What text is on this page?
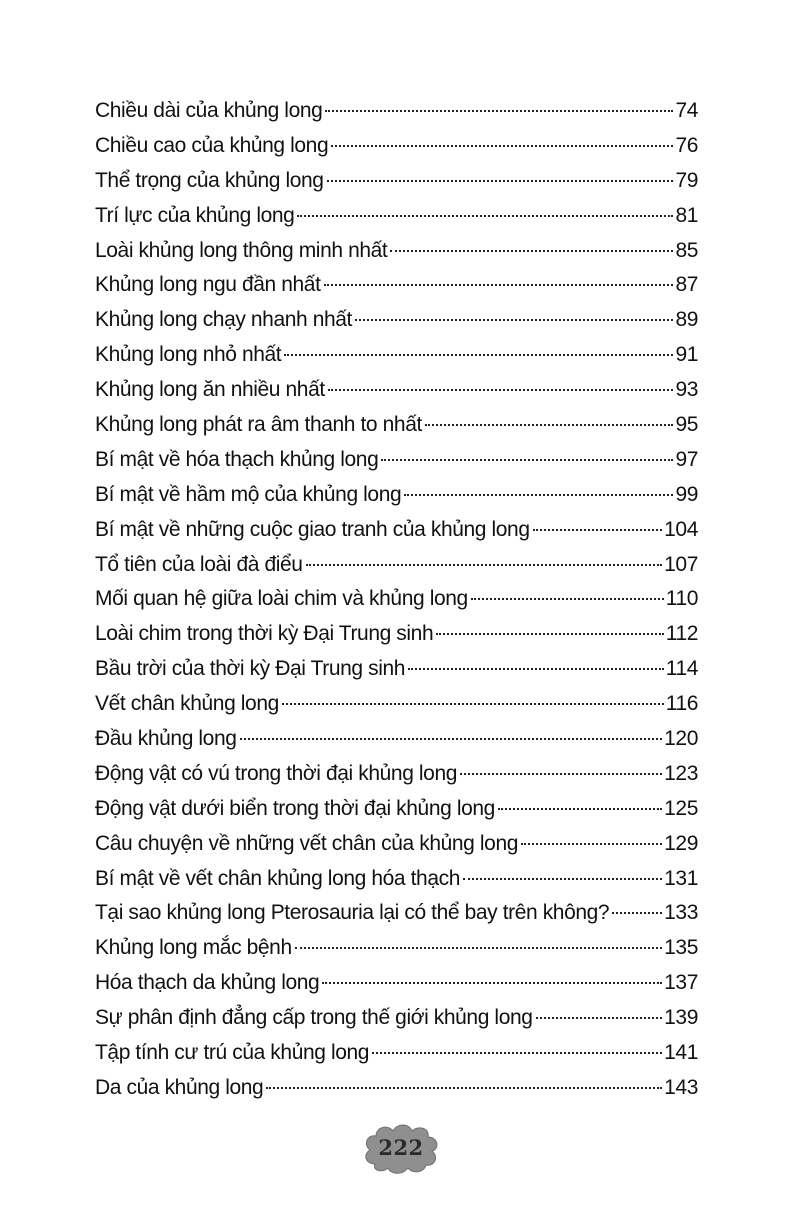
Chiều dài của khủng long	74
Chiều cao của khủng long	76
Thể trọng của khủng long	79
Trí lực của khủng long	81
Loài khủng long thông minh nhất	85
Khủng long ngu đần nhất	87
Khủng long chạy nhanh nhất	89
Khủng long nhỏ nhất	91
Khủng long ăn nhiều nhất	93
Khủng long phát ra âm thanh to nhất	95
Bí mật về hóa thạch khủng long	97
Bí mật về hầm mộ của khủng long	99
Bí mật về những cuộc giao tranh của khủng long	104
Tổ tiên của loài đà điểu	107
Mối quan hệ giữa loài chim và khủng long	110
Loài chim trong thời kỳ Đại Trung sinh	112
Bầu trời của thời kỳ Đại Trung sinh	114
Vết chân khủng long	116
Đầu khủng long	120
Động vật có vú trong thời đại khủng long	123
Động vật dưới biển trong thời đại khủng long	125
Câu chuyện về những vết chân của khủng long	129
Bí mật về vết chân khủng long hóa thạch	131
Tại sao khủng long Pterosauria lại có thể bay trên không?	133
Khủng long mắc bệnh	135
Hóa thạch da khủng long	137
Sự phân định đẳng cấp trong thế giới khủng long	139
Tập tính cư trú của khủng long	141
Da của khủng long	143
222
